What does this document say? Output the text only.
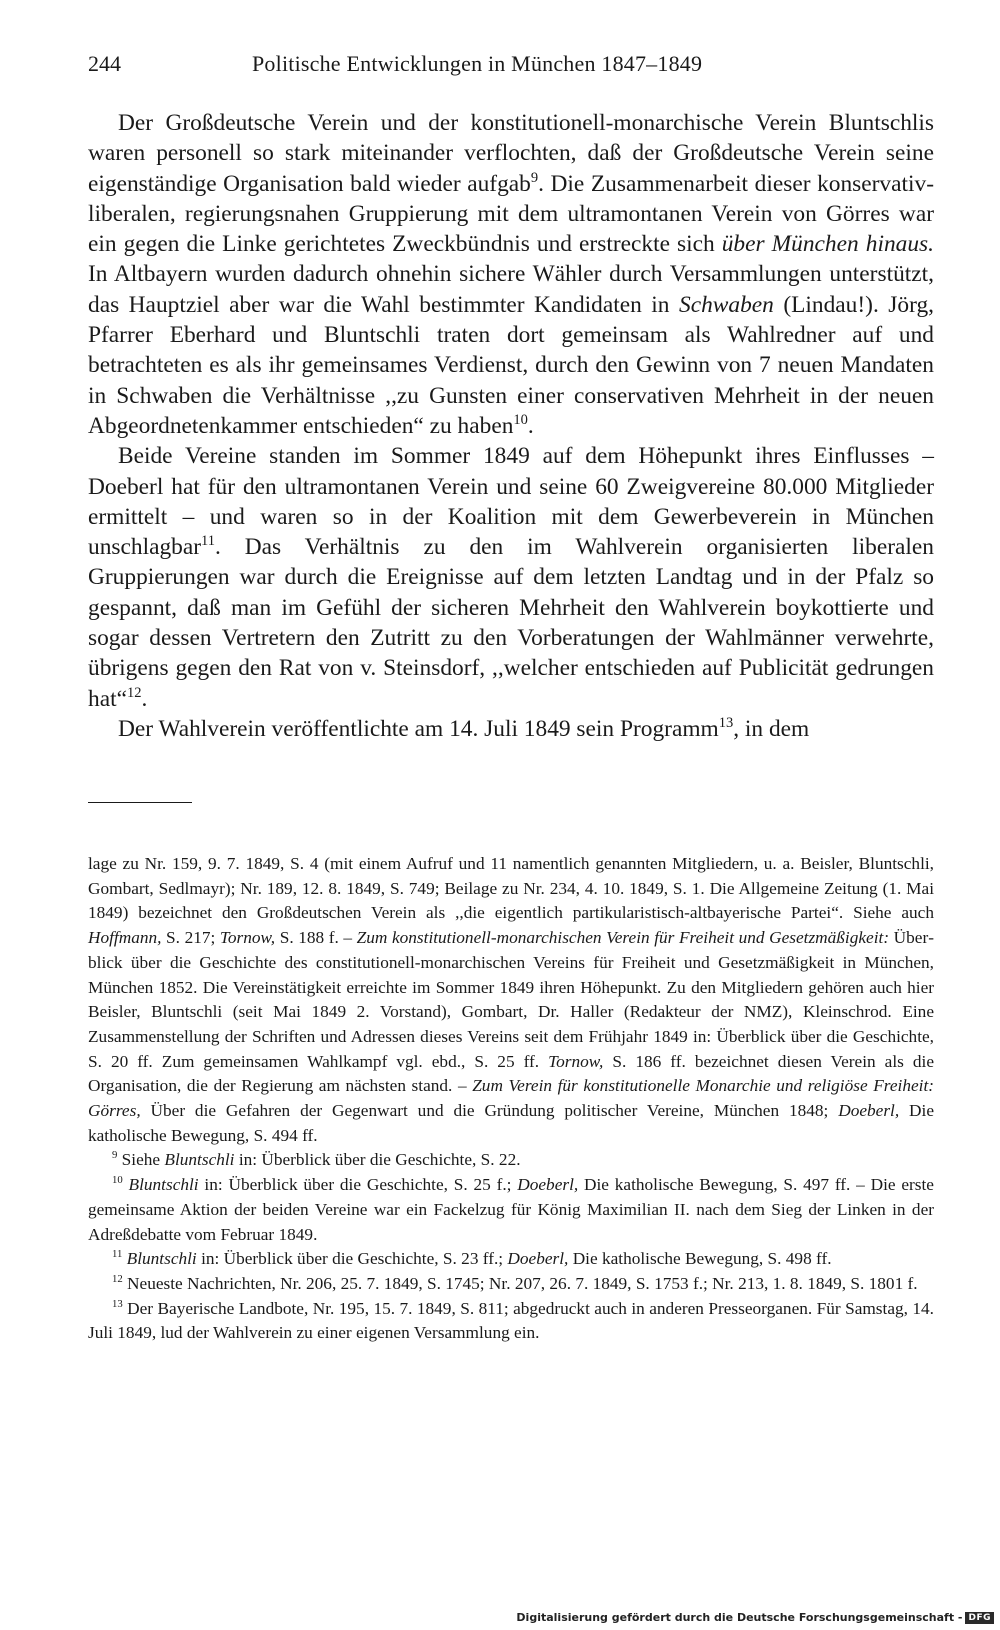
244	Politische Entwicklungen in München 1847–1849

Der Großdeutsche Verein und der konstitutionell-monarchische Verein Bluntschlis waren personell so stark miteinander verflochten, daß der Großdeutsche Verein seine eigenständige Organisation bald wieder aufgab$^9$. Die Zusammenarbeit dieser konservativ-liberalen, regierungsnahen Gruppierung mit dem ultramontanen Verein von Görres war ein gegen die Linke gerichtetes Zweckbündnis und erstreckte sich über München hinaus. In Altbayern wurden dadurch ohnehin sichere Wähler durch Versammlungen unterstützt, das Hauptziel aber war die Wahl bestimmter Kandidaten in Schwaben (Lindau!). Jörg, Pfarrer Eberhard und Bluntschli traten dort gemeinsam als Wahlredner auf und betrachteten es als ihr gemeinsames Verdienst, durch den Gewinn von 7 neuen Mandaten in Schwaben die Verhältnisse ,,zu Gunsten einer conservativen Mehrheit in der neuen Abgeordnetenkammer entschieden“ zu haben$^{10}$.

Beide Vereine standen im Sommer 1849 auf dem Höhepunkt ihres Einflusses – Doeberl hat für den ultramontanen Verein und seine 60 Zweigvereine 80.000 Mitglieder ermittelt – und waren so in der Koalition mit dem Gewerbeverein in München unschlagbar$^{11}$. Das Verhältnis zu den im Wahlverein organisierten liberalen Gruppierungen war durch die Ereignisse auf dem letzten Landtag und in der Pfalz so gespannt, daß man im Gefühl der sicheren Mehrheit den Wahlverein boykottierte und sogar dessen Vertretern den Zutritt zu den Vorberatungen der Wahlmänner verwehrte, übrigens gegen den Rat von v. Steinsdorf, ,,welcher entschieden auf Publicität gedrungen hat“$^{12}$.

Der Wahlverein veröffentlichte am 14. Juli 1849 sein Programm$^{13}$, in dem

lage zu Nr. 159, 9. 7. 1849, S. 4 (mit einem Aufruf und 11 namentlich genannten Mitgliedern, u. a. Beisler, Bluntschli, Gombart, Sedlmayr); Nr. 189, 12. 8. 1849, S. 749; Beilage zu Nr. 234, 4. 10. 1849, S. 1. Die Allgemeine Zeitung (1. Mai 1849) bezeichnet den Großdeutschen Verein als ,,die eigentlich partikularistisch-altbayerische Partei“. Siehe auch Hoffmann, S. 217; Tornow, S. 188 f. – Zum konstitutionell-monarchischen Verein für Freiheit und Gesetzmäßigkeit: Überblick über die Geschichte des constitutionell-monarchischen Vereins für Freiheit und Gesetzmäßigkeit in München, München 1852. Die Vereinstätigkeit erreichte im Sommer 1849 ihren Höhepunkt. Zu den Mitgliedern gehören auch hier Beisler, Bluntschli (seit Mai 1849 2. Vorstand), Gombart, Dr. Haller (Redakteur der NMZ), Kleinschrod. Eine Zusammenstellung der Schriften und Adressen dieses Vereins seit dem Frühjahr 1849 in: Überblick über die Geschichte, S. 20 ff. Zum gemeinsamen Wahlkampf vgl. ebd., S. 25 ff. Tornow, S. 186 ff. bezeichnet diesen Verein als die Organisation, die der Regierung am nächsten stand. – Zum Verein für konstitutionelle Monarchie und religiöse Freiheit: Görres, Über die Gefahren der Gegenwart und die Gründung politischer Vereine, München 1848; Doeberl, Die katholische Bewegung, S. 494 ff.

$^9$ Siehe Bluntschli in: Überblick über die Geschichte, S. 22.

$^{10}$ Bluntschli in: Überblick über die Geschichte, S. 25 f.; Doeberl, Die katholische Bewegung, S. 497 ff. – Die erste gemeinsame Aktion der beiden Vereine war ein Fackelzug für König Maximilian II. nach dem Sieg der Linken in der Adreßdebatte vom Februar 1849.

$^{11}$ Bluntschli in: Überblick über die Geschichte, S. 23 ff.; Doeberl, Die katholische Bewegung, S. 498 ff.

$^{12}$ Neueste Nachrichten, Nr. 206, 25. 7. 1849, S. 1745; Nr. 207, 26. 7. 1849, S. 1753 f.; Nr. 213, 1. 8. 1849, S. 1801 f.

$^{13}$ Der Bayerische Landbote, Nr. 195, 15. 7. 1849, S. 811; abgedruckt auch in anderen Presseorganen. Für Samstag, 14. Juli 1849, lud der Wahlverein zu einer eigenen Versammlung ein.

Digitalisierung gefördert durch die Deutsche Forschungsgemeinschaft - DFG
